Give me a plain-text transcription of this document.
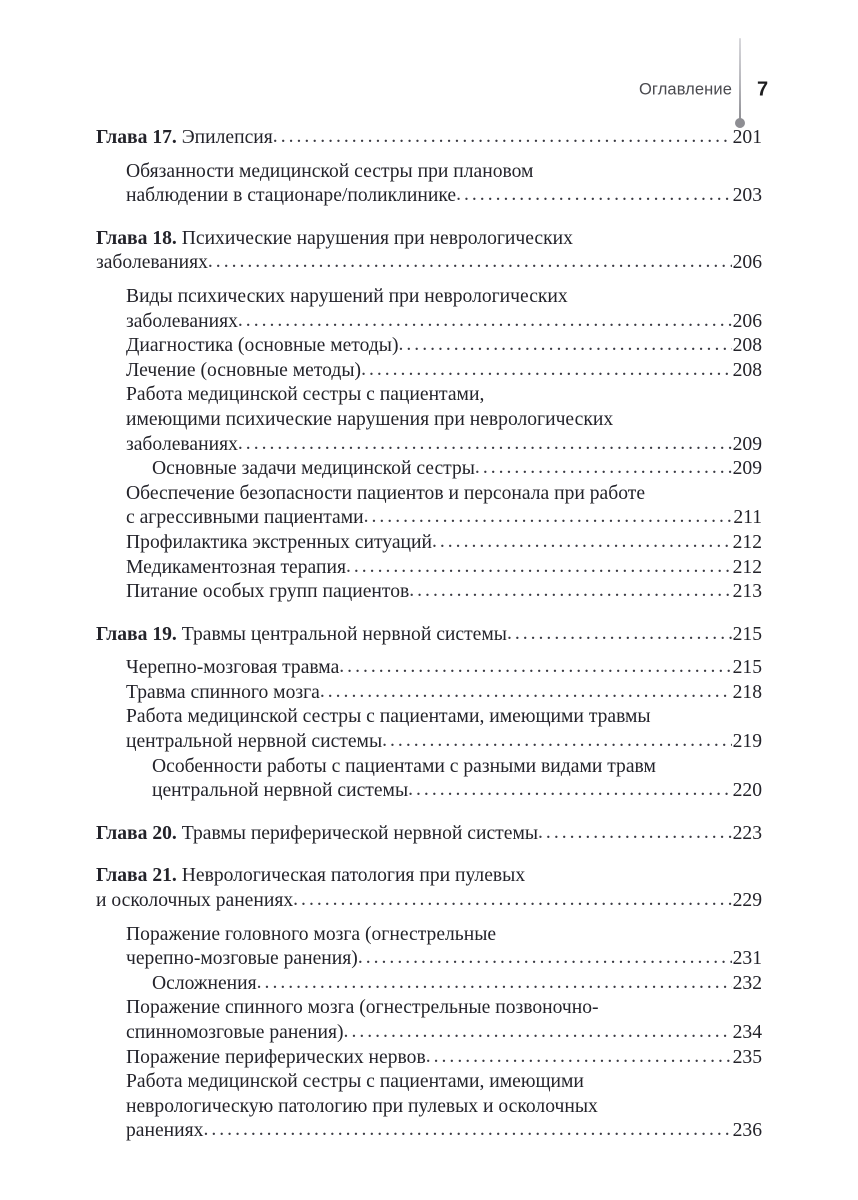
Оглавление 7
Глава 17. Эпилепсия .....	201
Обязанности медицинской сестры при плановом
наблюдении в стационаре/поликлинике .....	203
Глава 18. Психические нарушения при неврологических
заболеваниях .....	206
Виды психических нарушений при неврологических
заболеваниях .....	206
Диагностика (основные методы) .....	208
Лечение (основные методы) .....	208
Работа медицинской сестры с пациентами,
имеющими психические нарушения при неврологических
заболеваниях .....	209
Основные задачи медицинской сестры .....	209
Обеспечение безопасности пациентов и персонала при работе
с агрессивными пациентами .....	211
Профилактика экстренных ситуаций .....	212
Медикаментозная терапия .....	212
Питание особых групп пациентов .....	213
Глава 19. Травмы центральной нервной системы .....	215
Черепно-мозговая травма .....	215
Травма спинного мозга .....	218
Работа медицинской сестры с пациентами, имеющими травмы
центральной нервной системы .....	219
Особенности работы с пациентами с разными видами травм
центральной нервной системы .....	220
Глава 20. Травмы периферической нервной системы .....	223
Глава 21. Неврологическая патология при пулевых
и осколочных ранениях .....	229
Поражение головного мозга (огнестрельные
черепно-мозговые ранения) .....	231
Осложнения .....	232
Поражение спинного мозга (огнестрельные позвоночно-
спинномозговые ранения) .....	234
Поражение периферических нервов .....	235
Работа медицинской сестры с пациентами, имеющими
неврологическую патологию при пулевых и осколочных
ранениях .....	236
